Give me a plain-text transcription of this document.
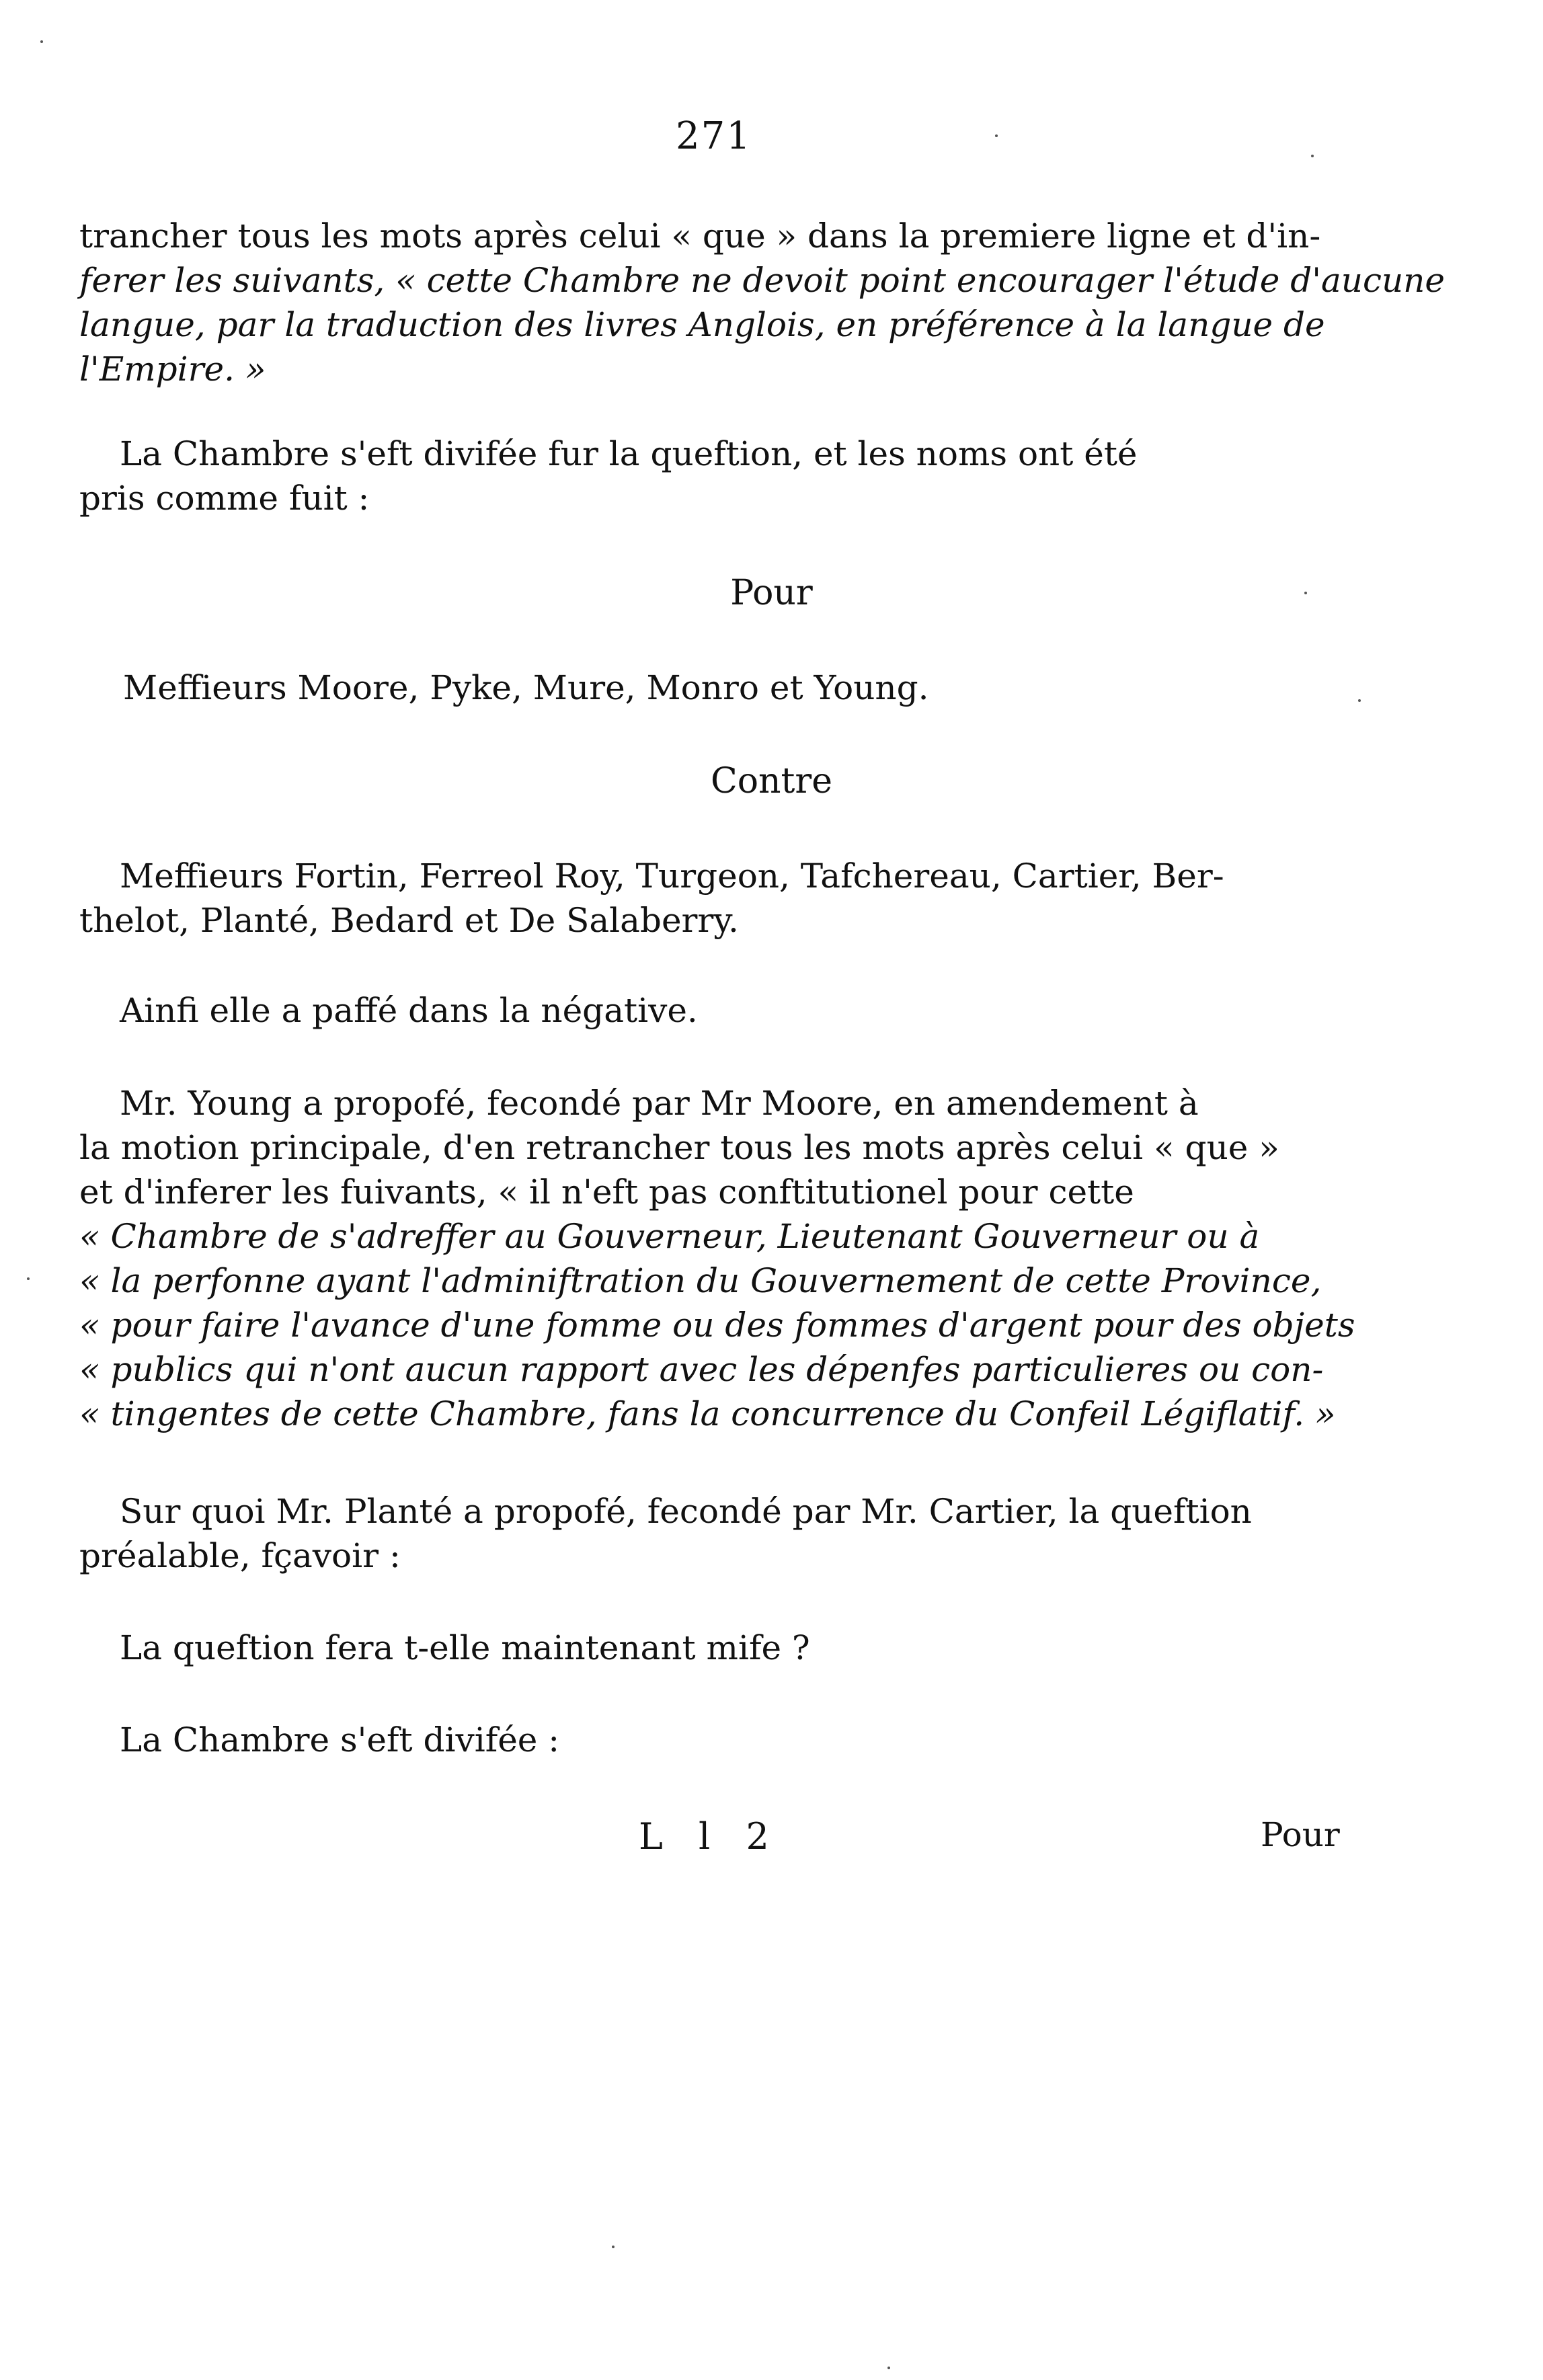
271
trancher tous les mots après celui « que » dans la premiere ligne et d'in-
ferer les suivants, « cette Chambre ne devoit point encourager l'étude d'aucune
langue, par la traduction des livres Anglois, en préférence à la langue de
l'Empire. »
La Chambre s'eft divifée fur la queftion, et les noms ont été
pris comme fuit :
Pour
Meffieurs Moore, Pyke, Mure, Monro et Young.
Contre
Meffieurs Fortin, Ferreol Roy, Turgeon, Tafchereau, Cartier, Ber-
thelot, Planté, Bedard et De Salaberry.
Ainfi elle a paffé dans la négative.
Mr. Young a propofé, fecondé par Mr Moore, en amendement à
la motion principale, d'en retrancher tous les mots après celui « que »
et d'inferer les fuivants, « il n'eft pas conftitutionel pour cette
« Chambre de s'adreffer au Gouverneur, Lieutenant Gouverneur ou à
« la perfonne ayant l'adminiftration du Gouvernement de cette Province,
« pour faire l'avance d'une fomme ou des fommes d'argent pour des objets
« publics qui n'ont aucun rapport avec les dépenfes particulieres ou con-
« tingentes de cette Chambre, fans la concurrence du Confeil Légiflatif. »
Sur quoi Mr. Planté a propofé, fecondé par Mr. Cartier, la queftion
préalable, fçavoir :
La queftion fera t-elle maintenant mife ?
La Chambre s'eft divifée :
L l 2	Pour
